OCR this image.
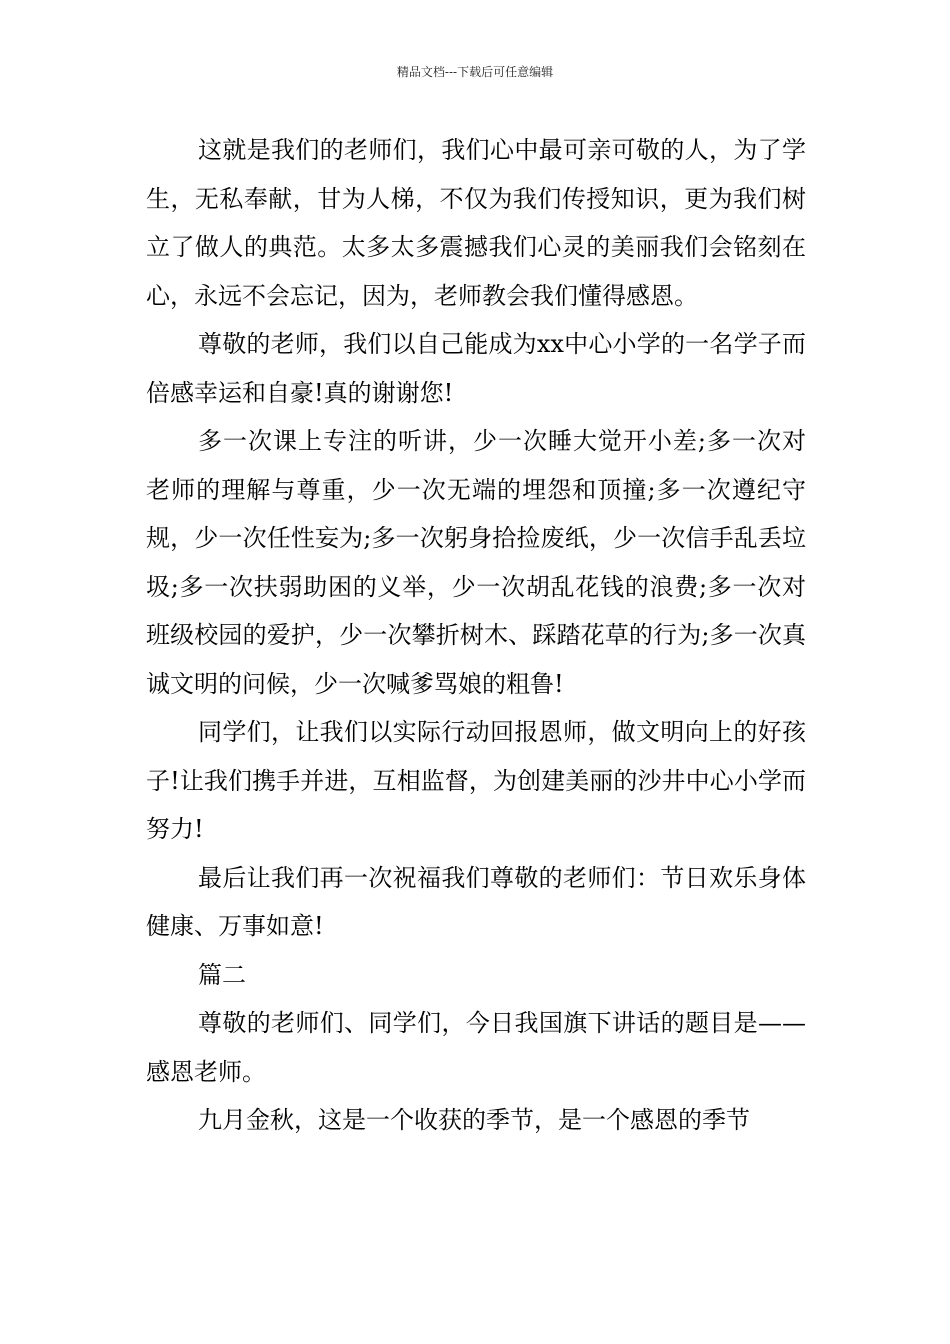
精品文档---下载后可任意编辑

这就是我们的老师们，我们心中最可亲可敬的人，为了学生，无私奉献，甘为人梯，不仅为我们传授知识，更为我们树立了做人的典范。太多太多震撼我们心灵的美丽我们会铭刻在心，永远不会忘记，因为，老师教会我们懂得感恩。

尊敬的老师，我们以自己能成为xx中心小学的一名学子而倍感幸运和自豪!真的谢谢您!

多一次课上专注的听讲，少一次睡大觉开小差;多一次对老师的理解与尊重，少一次无端的埋怨和顶撞;多一次遵纪守规，少一次任性妄为;多一次躬身拾捡废纸，少一次信手乱丢垃圾;多一次扶弱助困的义举，少一次胡乱花钱的浪费;多一次对班级校园的爱护，少一次攀折树木、踩踏花草的行为;多一次真诚文明的问候，少一次喊爹骂娘的粗鲁!

同学们，让我们以实际行动回报恩师，做文明向上的好孩子!让我们携手并进，互相监督，为创建美丽的沙井中心小学而努力!

最后让我们再一次祝福我们尊敬的老师们：节日欢乐身体健康、万事如意!

篇二

尊敬的老师们、同学们，今日我国旗下讲话的题目是——感恩老师。

九月金秋，这是一个收获的季节，是一个感恩的季节
